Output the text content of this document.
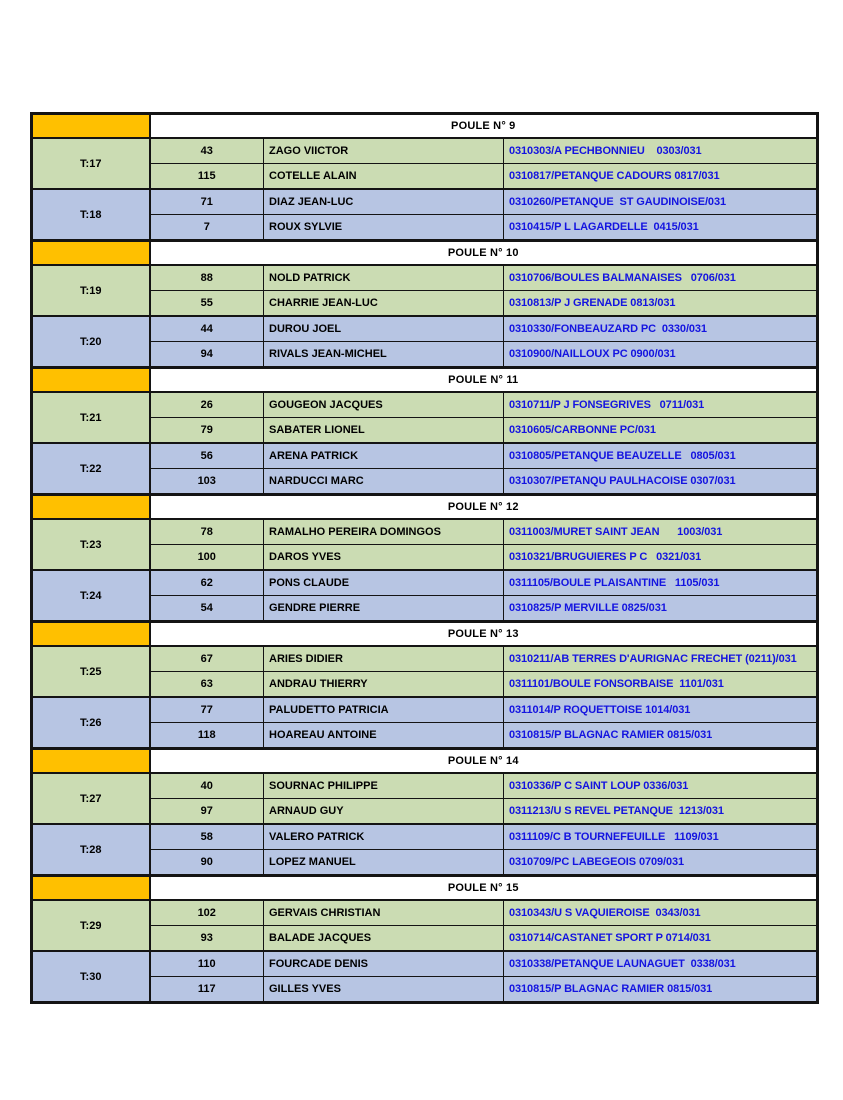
	POULE N° 9		
T:17	43	ZAGO VIICTOR	0310303/A PECHBONNIEU    0303/031
	115	COTELLE ALAIN	0310817/PETANQUE CADOURS 0817/031
T:18	71	DIAZ JEAN-LUC	0310260/PETANQUE  ST GAUDINOISE/031
	7	ROUX SYLVIE	0310415/P L LAGARDELLE  0415/031
	POULE N° 10		
T:19	88	NOLD PATRICK	0310706/BOULES BALMANAISES   0706/031
	55	CHARRIE JEAN-LUC	0310813/P J GRENADE 0813/031
T:20	44	DUROU JOEL	0310330/FONBEAUZARD PC  0330/031
	94	RIVALS JEAN-MICHEL	0310900/NAILLOUX PC 0900/031
	POULE N° 11		
T:21	26	GOUGEON JACQUES	0310711/P J FONSEGRIVES   0711/031
	79	SABATER LIONEL	0310605/CARBONNE PC/031
T:22	56	ARENA PATRICK	0310805/PETANQUE BEAUZELLE   0805/031
	103	NARDUCCI MARC	0310307/PETANQU PAULHACOISE 0307/031
	POULE N° 12		
T:23	78	RAMALHO PEREIRA DOMINGOS	0311003/MURET SAINT JEAN      1003/031
	100	DAROS YVES	0310321/BRUGUIERES P C   0321/031
T:24	62	PONS CLAUDE	0311105/BOULE PLAISANTINE   1105/031
	54	GENDRE PIERRE	0310825/P MERVILLE 0825/031
	POULE N° 13		
T:25	67	ARIES DIDIER	0310211/AB TERRES D'AURIGNAC FRECHET (0211)/031
	63	ANDRAU THIERRY	0311101/BOULE FONSORBAISE  1101/031
T:26	77	PALUDETTO PATRICIA	0311014/P ROQUETTOISE 1014/031
	118	HOAREAU ANTOINE	0310815/P BLAGNAC RAMIER 0815/031
	POULE N° 14		
T:27	40	SOURNAC PHILIPPE	0310336/P C SAINT LOUP 0336/031
	97	ARNAUD GUY	0311213/U S REVEL PETANQUE  1213/031
T:28	58	VALERO PATRICK	0311109/C B TOURNEFEUILLE   1109/031
	90	LOPEZ MANUEL	0310709/PC LABEGEOIS 0709/031
	POULE N° 15		
T:29	102	GERVAIS CHRISTIAN	0310343/U S VAQUIEROISE  0343/031
	93	BALADE JACQUES	0310714/CASTANET SPORT P 0714/031
T:30	110	FOURCADE DENIS	0310338/PETANQUE LAUNAGUET  0338/031
	117	GILLES YVES	0310815/P BLAGNAC RAMIER 0815/031
